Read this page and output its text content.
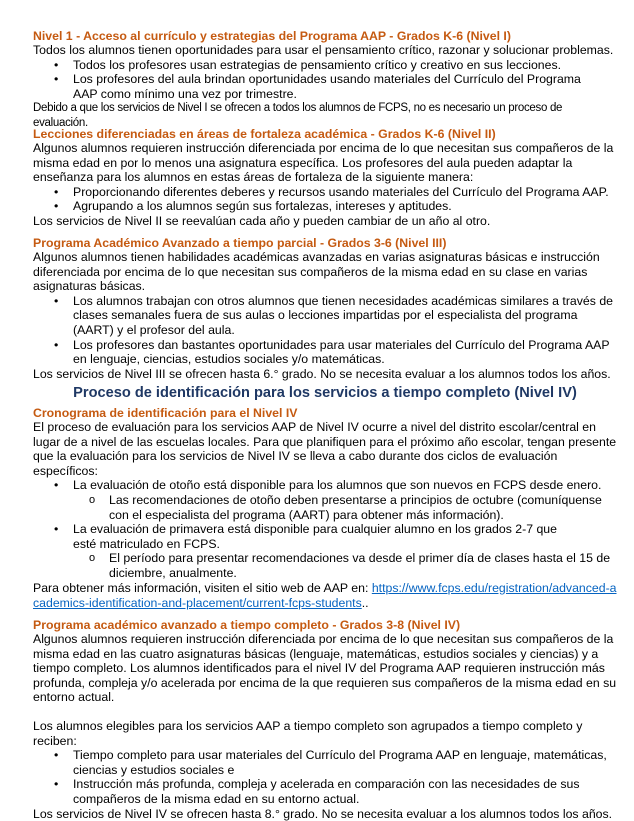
Nivel 1 - Acceso al currículo y estrategias del Programa AAP - Grados K-6 (Nivel I)

Todos los alumnos tienen oportunidades para usar el pensamiento crítico, razonar y solucionar problemas.

• Todos los profesores usan estrategias de pensamiento crítico y creativo en sus lecciones.
• Los profesores del aula brindan oportunidades usando materiales del Currículo del Programa AAP como mínimo una vez por trimestre.

Debido a que los servicios de Nivel I se ofrecen a todos los alumnos de FCPS, no es necesario un proceso de evaluación.

Lecciones diferenciadas en áreas de fortaleza académica - Grados K-6 (Nivel II)

Algunos alumnos requieren instrucción diferenciada por encima de lo que necesitan sus compañeros de la misma edad en por lo menos una asignatura específica. Los profesores del aula pueden adaptar la enseñanza para los alumnos en estas áreas de fortaleza de la siguiente manera:

• Proporcionando diferentes deberes y recursos usando materiales del Currículo del Programa AAP.
• Agrupando a los alumnos según sus fortalezas, intereses y aptitudes.

Los servicios de Nivel II se reevalúan cada año y pueden cambiar de un año al otro.

Programa Académico Avanzado a tiempo parcial - Grados 3-6 (Nivel III)

Algunos alumnos tienen habilidades académicas avanzadas en varias asignaturas básicas e instrucción diferenciada por encima de lo que necesitan sus compañeros de la misma edad en su clase en varias asignaturas básicas.

• Los alumnos trabajan con otros alumnos que tienen necesidades académicas similares a través de clases semanales fuera de sus aulas o lecciones impartidas por el especialista del programa (AART) y el profesor del aula.
• Los profesores dan bastantes oportunidades para usar materiales del Currículo del Programa AAP en lenguaje, ciencias, estudios sociales y/o matemáticas.

Los servicios de Nivel III se ofrecen hasta 6.° grado. No se necesita evaluar a los alumnos todos los años.

Proceso de identificación para los servicios a tiempo completo (Nivel IV)
Cronograma de identificación para el Nivel IV

El proceso de evaluación para los servicios AAP de Nivel IV ocurre a nivel del distrito escolar/central en lugar de a nivel de las escuelas locales. Para que planifiquen para el próximo año escolar, tengan presente que la evaluación para los servicios de Nivel IV se lleva a cabo durante dos ciclos de evaluación específicos:

• La evaluación de otoño está disponible para los alumnos que son nuevos en FCPS desde enero.
o Las recomendaciones de otoño deben presentarse a principios de octubre (comuníquense con el especialista del programa (AART) para obtener más información).
• La evaluación de primavera está disponible para cualquier alumno en los grados 2-7 que esté matriculado en FCPS.
o El período para presentar recomendaciones va desde el primer día de clases hasta el 15 de diciembre, anualmente.

Para obtener más información, visiten el sitio web de AAP en: https://www.fcps.edu/registration/advanced-academics-identification-and-placement/current-fcps-students..

Programa académico avanzado a tiempo completo - Grados 3-8 (Nivel IV)

Algunos alumnos requieren instrucción diferenciada por encima de lo que necesitan sus compañeros de la misma edad en las cuatro asignaturas básicas (lenguaje, matemáticas, estudios sociales y ciencias) y a tiempo completo. Los alumnos identificados para el nivel IV del Programa AAP requieren instrucción más profunda, compleja y/o acelerada por encima de la que requieren sus compañeros de la misma edad en su entorno actual.

Los alumnos elegibles para los servicios AAP a tiempo completo son agrupados a tiempo completo y reciben:

• Tiempo completo para usar materiales del Currículo del Programa AAP en lenguaje, matemáticas, ciencias y estudios sociales e
• Instrucción más profunda, compleja y acelerada en comparación con las necesidades de sus compañeros de la misma edad en su entorno actual.

Los servicios de Nivel IV se ofrecen hasta 8.° grado. No se necesita evaluar a los alumnos todos los años.
